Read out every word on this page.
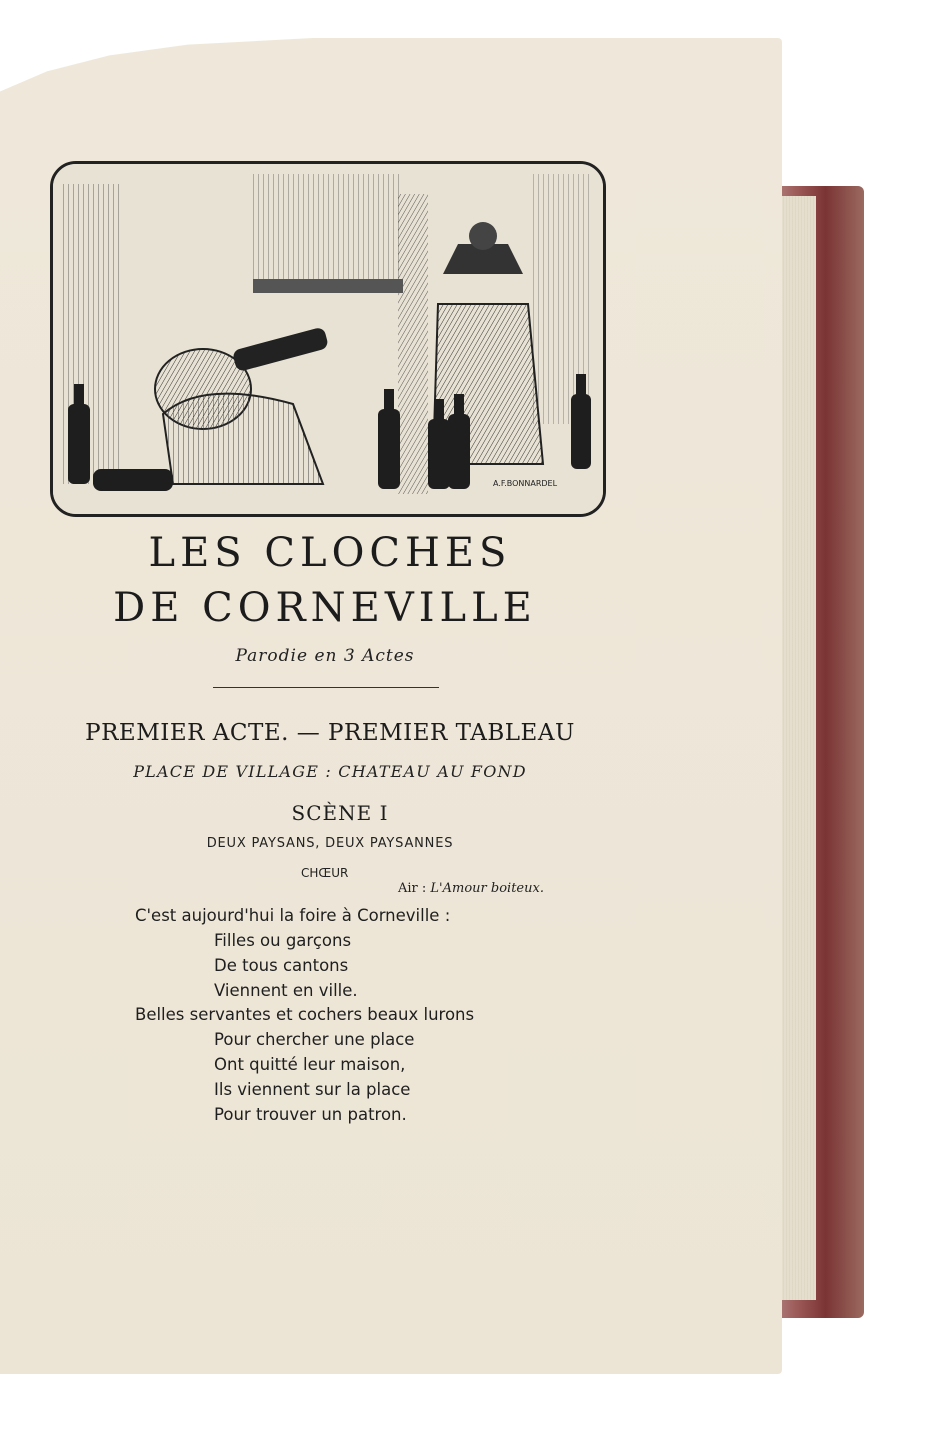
A.F.BONNARDEL
LES CLOCHES
DE CORNEVILLE
Parodie en 3 Actes
PREMIER ACTE. — PREMIER TABLEAU
PLACE DE VILLAGE : CHATEAU AU FOND
SCÈNE I
DEUX PAYSANS, DEUX PAYSANNES
CHŒUR
Air : L'Amour boiteux.
C'est aujourd'hui la foire à Corneville :
Filles ou garçons
De tous cantons
Viennent en ville.
Belles servantes et cochers beaux lurons
Pour chercher une place
Ont quitté leur maison,
Ils viennent sur la place
Pour trouver un patron.
